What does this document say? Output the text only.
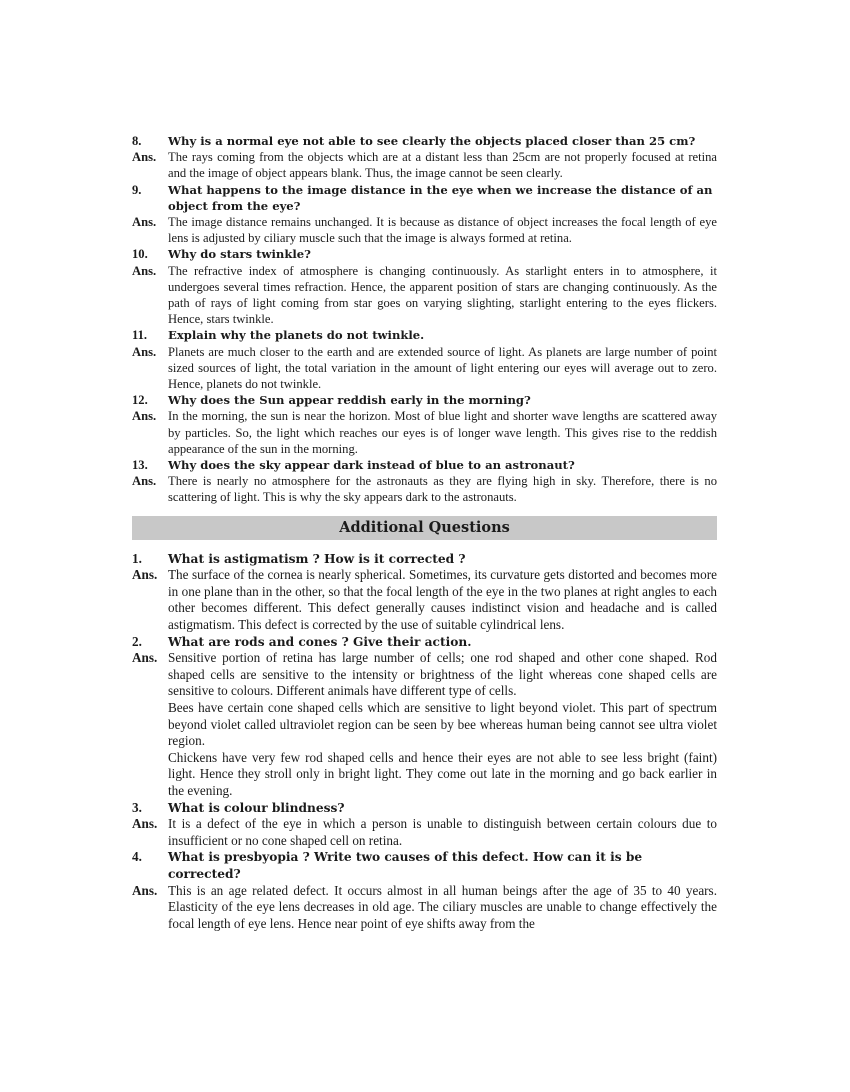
8.	Why is a normal eye not able to see clearly the objects placed closer than 25 cm?
Ans. The rays coming from the objects which are at a distant less than 25cm are not properly focused at retina and the image of object appears blank. Thus, the image cannot be seen clearly.
9.	What happens to the image distance in the eye when we increase the distance of an object from the eye?
Ans. The image distance remains unchanged. It is because as distance of object increases the focal length of eye lens is adjusted by ciliary muscle such that the image is always formed at retina.
10.	Why do stars twinkle?
Ans. The refractive index of atmosphere is changing continuously. As starlight enters in to atmosphere, it undergoes several times refraction. Hence, the apparent position of stars are changing continuously. As the path of rays of light coming from star goes on varying slighting, starlight entering to the eyes flickers. Hence, stars twinkle.
11.	Explain why the planets do not twinkle.
Ans. Planets are much closer to the earth and are extended source of light. As planets are large number of point sized sources of light, the total variation in the amount of light entering our eyes will average out to zero. Hence, planets do not twinkle.
12.	Why does the Sun appear reddish early in the morning?
Ans. In the morning, the sun is near the horizon. Most of blue light and shorter wave lengths are scattered away by particles. So, the light which reaches our eyes is of longer wave length. This gives rise to the reddish appearance of the sun in the morning.
13.	Why does the sky appear dark instead of blue to an astronaut?
Ans. There is nearly no atmosphere for the astronauts as they are flying high in sky. Therefore, there is no scattering of light. This is why the sky appears dark to the astronauts.
Additional Questions
1.	What is astigmatism ? How is it corrected ?
Ans. The surface of the cornea is nearly spherical. Sometimes, its curvature gets distorted and becomes more in one plane than in the other, so that the focal length of the eye in the two planes at right angles to each other becomes different. This defect generally causes indistinct vision and headache and is called astigmatism. This defect is corrected by the use of suitable cylindrical lens.
2.	What are rods and cones ? Give their action.
Ans. Sensitive portion of retina has large number of cells; one rod shaped and other cone shaped. Rod shaped cells are sensitive to the intensity or brightness of the light whereas cone shaped cells are sensitive to colours. Different animals have different type of cells.
Bees have certain cone shaped cells which are sensitive to light beyond violet. This part of spectrum beyond violet called ultraviolet region can be seen by bee whereas human being cannot see ultra violet region.
Chickens have very few rod shaped cells and hence their eyes are not able to see less bright (faint) light. Hence they stroll only in bright light. They come out late in the morning and go back earlier in the evening.
3.	What is colour blindness?
Ans. It is a defect of the eye in which a person is unable to distinguish between certain colours due to insufficient or no cone shaped cell on retina.
4.	What is presbyopia ? Write two causes of this defect. How can it is be corrected?
Ans. This is an age related defect. It occurs almost in all human beings after the age of 35 to 40 years. Elasticity of the eye lens decreases in old age. The ciliary muscles are unable to change effectively the focal length of eye lens. Hence near point of eye shifts away from the
